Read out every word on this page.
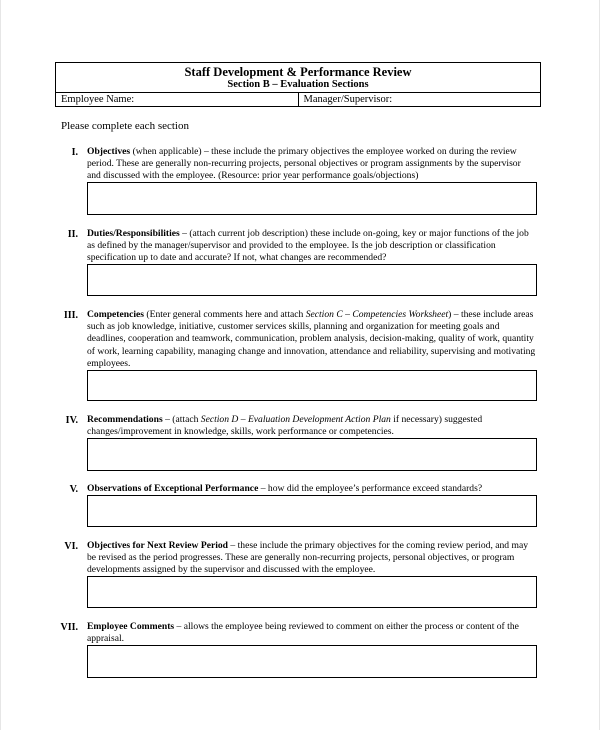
Staff Development & Performance Review
Section B – Evaluation Sections

Employee Name:	Manager/Supervisor:
Please complete each section
I. Objectives (when applicable) – these include the primary objectives the employee worked on during the review period. These are generally non-recurring projects, personal objectives or program assignments by the supervisor and discussed with the employee. (Resource: prior year performance goals/objections)
II. Duties/Responsibilities – (attach current job description) these include on-going, key or major functions of the job as defined by the manager/supervisor and provided to the employee. Is the job description or classification specification up to date and accurate? If not, what changes are recommended?
III. Competencies (Enter general comments here and attach Section C – Competencies Worksheet) – these include areas such as job knowledge, initiative, customer services skills, planning and organization for meeting goals and deadlines, cooperation and teamwork, communication, problem analysis, decision-making, quality of work, quantity of work, learning capability, managing change and innovation, attendance and reliability, supervising and motivating employees.
IV. Recommendations – (attach Section D – Evaluation Development Action Plan if necessary) suggested changes/improvement in knowledge, skills, work performance or competencies.
V. Observations of Exceptional Performance – how did the employee’s performance exceed standards?
VI. Objectives for Next Review Period – these include the primary objectives for the coming review period, and may be revised as the period progresses. These are generally non-recurring projects, personal objectives, or program developments assigned by the supervisor and discussed with the employee.
VII. Employee Comments – allows the employee being reviewed to comment on either the process or content of the appraisal.
